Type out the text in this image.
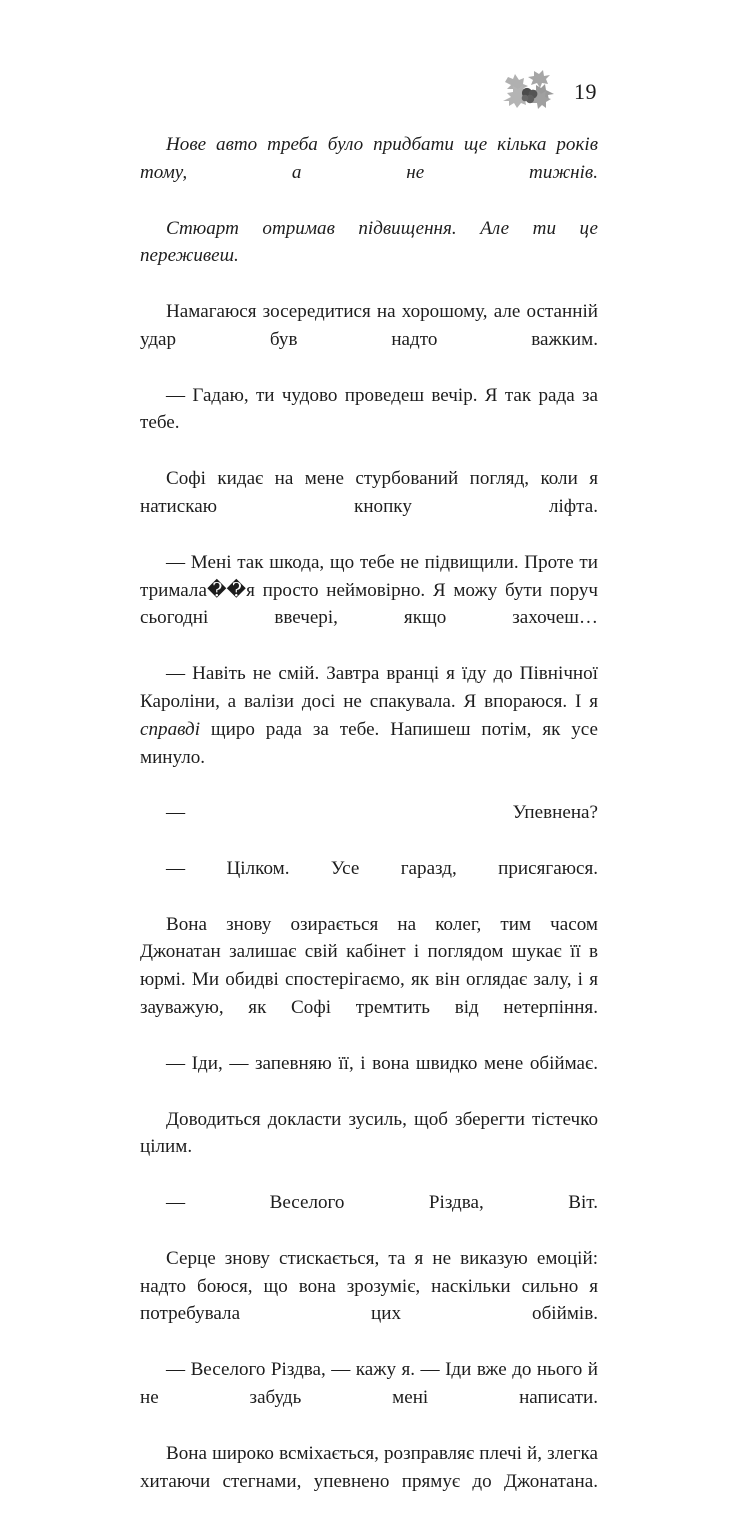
19

Нове авто треба було придбати ще кілька років тому, а не тижнів.

Стюарт отримав підвищення. Але ти це переживеш.

Намагаюся зосередитися на хорошому, але останній удар був надто важким.

— Гадаю, ти чудово проведеш вечір. Я так рада за тебе.

Софі кидає на мене стурбований погляд, коли я натискаю кнопку ліфта.

— Мені так шкода, що тебе не підвищили. Проте ти тримала��я просто неймовірно. Я можу бути поруч сьогодні ввечері, якщо захочеш…

— Навіть не смій. Завтра вранці я їду до Північної Кароліни, а валізи досі не спакувала. Я впораюся. І я справді щиро рада за тебе. Напишеш потім, як усе минуло.

— Упевнена?

— Цілком. Усе гаразд, присягаюся.

Вона знову озирається на колег, тим часом Джонатан залишає свій кабінет і поглядом шукає її в юрмі. Ми обидві спостерігаємо, як він оглядає залу, і я зауважую, як Софі тремтить від нетерпіння.

— Іди, — запевняю її, і вона швидко мене обіймає.

Доводиться докласти зусиль, щоб зберегти тістечко цілим.

— Веселого Різдва, Віт.

Серце знову стискається, та я не виказую емоцій: надто боюся, що вона зрозуміє, наскільки сильно я потребувала цих обіймів.

— Веселого Різдва, — кажу я. — Іди вже до нього й не забудь мені написати.

Вона широко всміхається, розправляє плечі й, злегка хитаючи стегнами, упевнено прямує до Джонатана.
